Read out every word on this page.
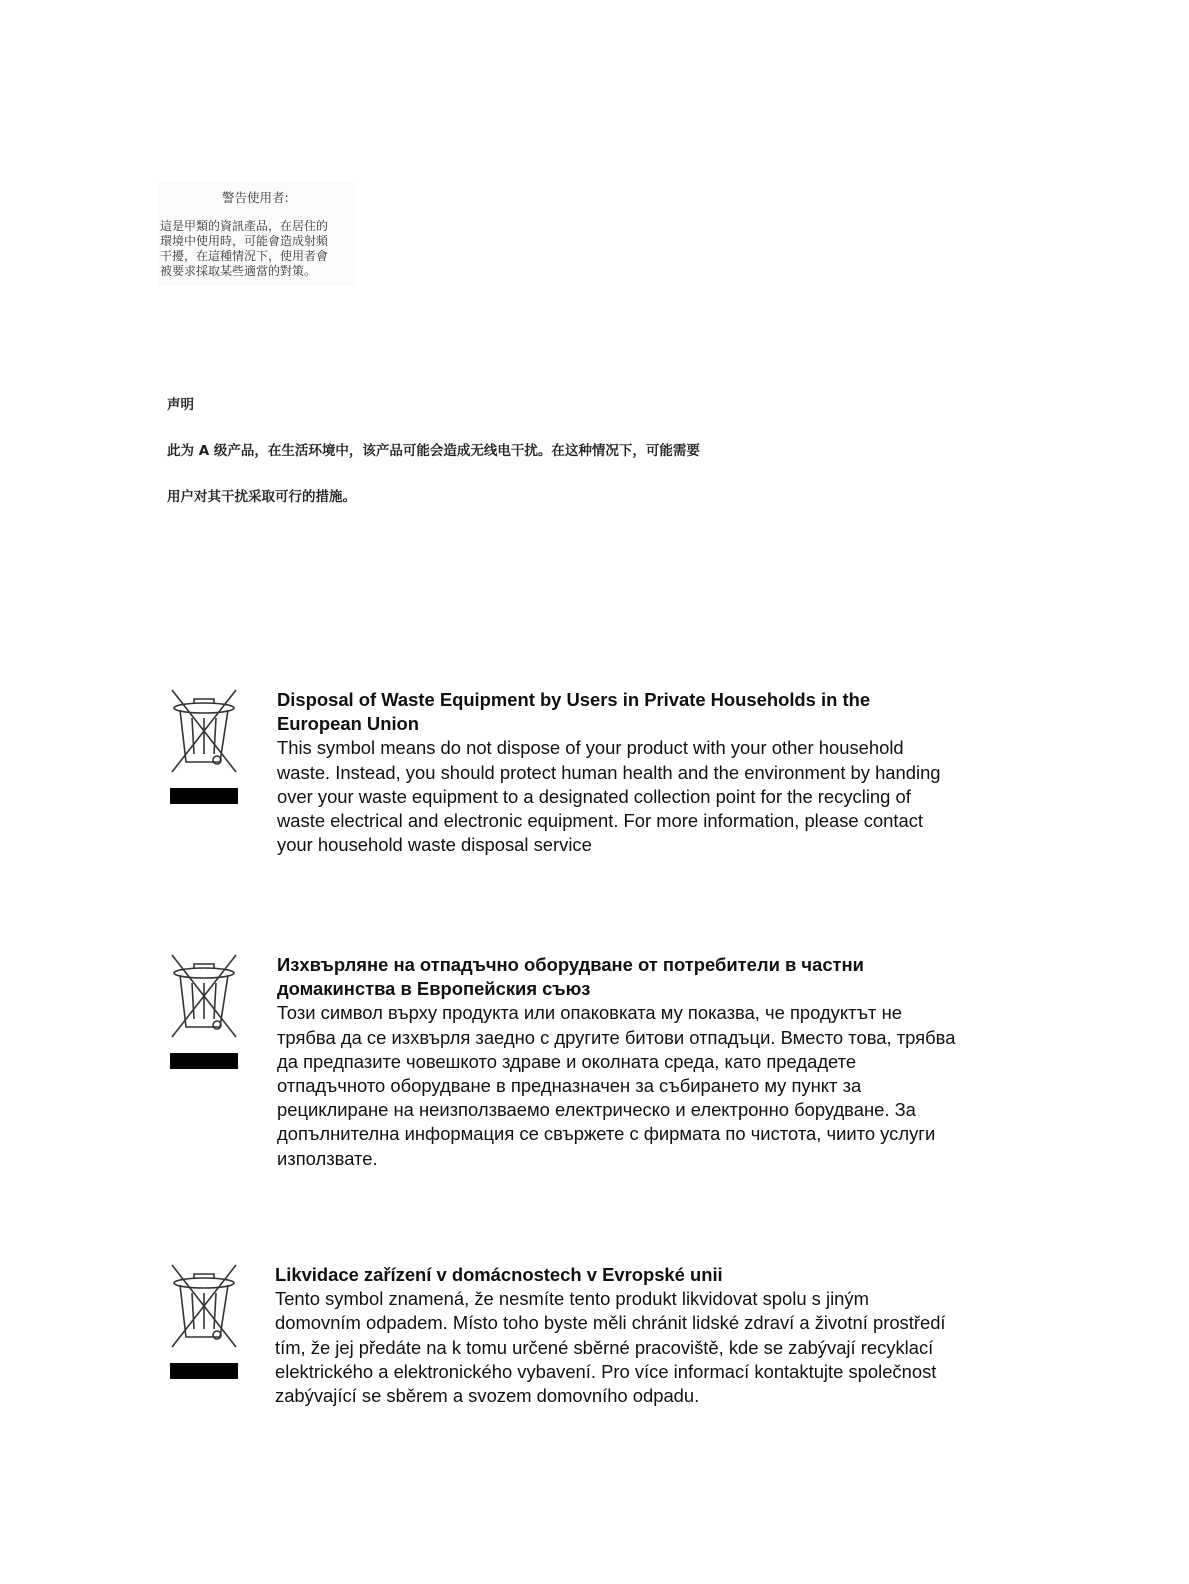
警告使用者:
這是甲類的資訊產品，在居住的
環境中使用時，可能會造成射頻
干擾，在這種情況下，使用者會
被要求採取某些適當的對策。
声明
此为 A 级产品，在生活环境中，该产品可能会造成无线电干扰。在这种情况下，可能需要
用户对其干扰采取可行的措施。
Disposal of Waste Equipment by Users in Private Households in the European Union
This symbol means do not dispose of your product with your other household waste. Instead, you should protect human health and the environment by handing over your waste equipment to a designated collection point for the recycling of waste electrical and electronic equipment. For more information, please contact your household waste disposal service
Изхвърляне на отпадъчно оборудване от потребители в частни домакинства в Европейския съюз
Този символ върху продукта или опаковката му показва, че продуктът не трябва да се изхвърля заедно с другите битови отпадъци. Вместо това, трябва да предпазите човешкото здраве и околната среда, като предадете отпадъчното оборудване в предназначен за събирането му пункт за рециклиране на неизползваемо електрическо и електронно борудване. За допълнителна информация се свържете с фирмата по чистота, чиито услуги използвате.
Likvidace zařízení v domácnostech v Evropské unii
Tento symbol znamená, že nesmíte tento produkt likvidovat spolu s jiným domovním odpadem. Místo toho byste měli chránit lidské zdraví a životní prostředí tím, že jej předáte na k tomu určené sběrné pracoviště, kde se zabývají recyklací elektrického a elektronického vybavení. Pro více informací kontaktujte společnost zabývající se sběrem a svozem domovního odpadu.
